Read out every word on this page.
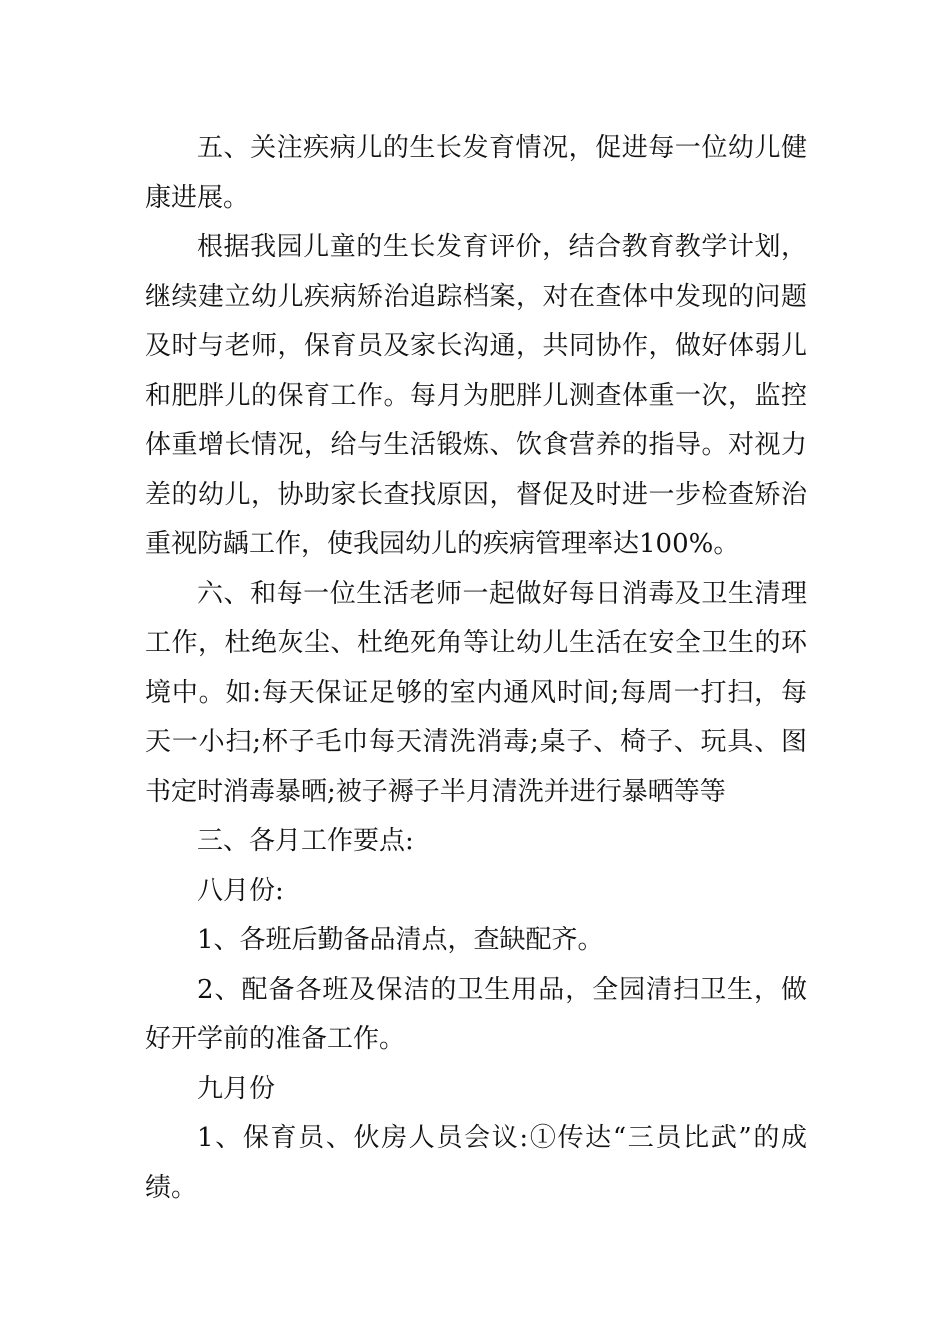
五、关注疾病儿的生长发育情况，促进每一位幼儿健康进展。

根据我园儿童的生长发育评价，结合教育教学计划，继续建立幼儿疾病矫治追踪档案，对在查体中发现的问题及时与老师，保育员及家长沟通，共同协作，做好体弱儿和肥胖儿的保育工作。每月为肥胖儿测查体重一次，监控体重增长情况，给与生活锻炼、饮食营养的指导。对视力差的幼儿，协助家长查找原因，督促及时进一步检查矫治重视防龋工作，使我园幼儿的疾病管理率达100%。

六、和每一位生活老师一起做好每日消毒及卫生清理工作，杜绝灰尘、杜绝死角等让幼儿生活在安全卫生的环境中。如:每天保证足够的室内通风时间;每周一打扫，每天一小扫;杯子毛巾每天清洗消毒;桌子、椅子、玩具、图书定时消毒暴晒;被子褥子半月清洗并进行暴晒等等

三、各月工作要点:

八月份:

1、各班后勤备品清点，查缺配齐。

2、配备各班及保洁的卫生用品，全园清扫卫生，做好开学前的准备工作。

九月份

1、保育员、伙房人员会议:①传达“三员比武”的成绩。
